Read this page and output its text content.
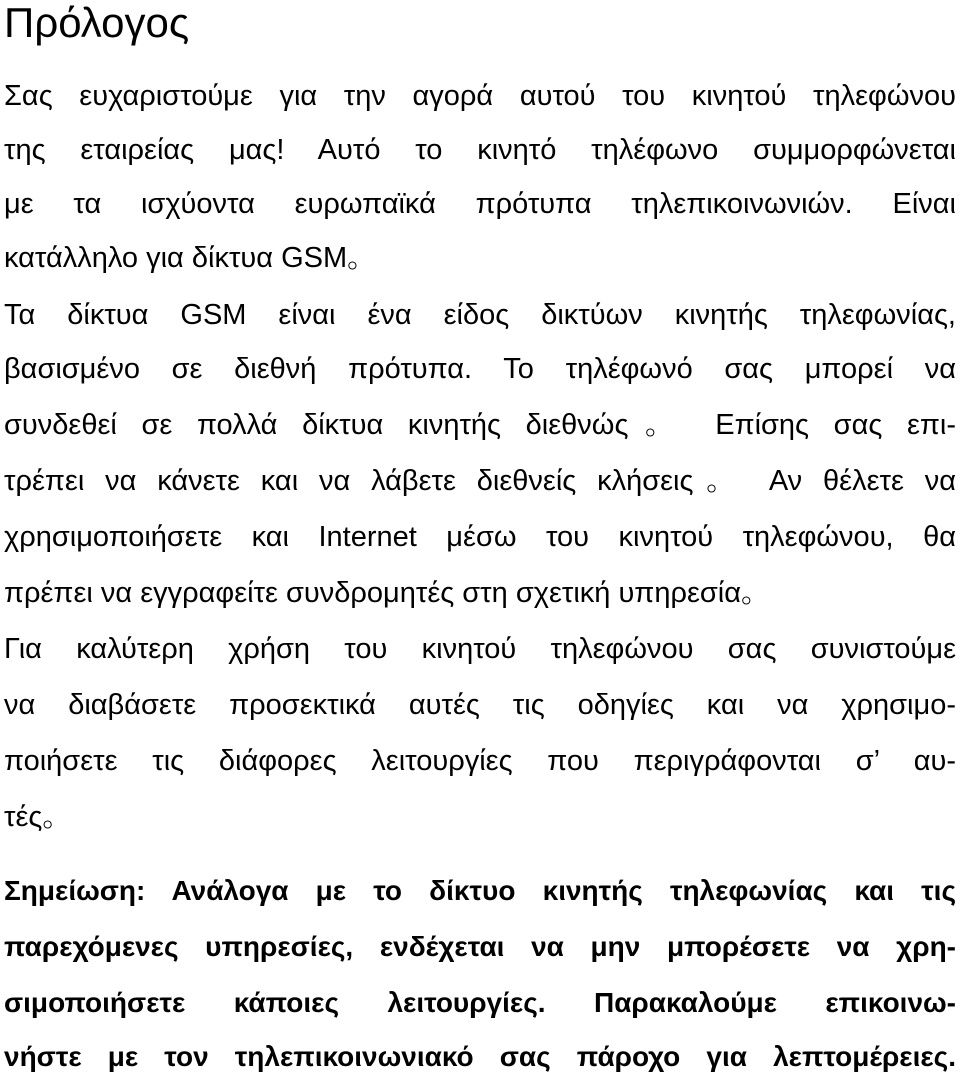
Πρόλογος

Σας ευχαριστούμε για την αγορά αυτού του κινητού τηλεφώνου

της εταιρείας μας! Αυτό το κινητό τηλέφωνο συμμορφώνεται

με τα ισχύοντα ευρωπαϊκά πρότυπα τηλεπικοινωνιών. Είναι

κατάλληλο για δίκτυα GSM。

Τα δίκτυα GSM είναι ένα είδος δικτύων κινητής τηλεφωνίας,

βασισμένο σε διεθνή πρότυπα. Το τηλέφωνό σας μπορεί να

συνδεθεί σε πολλά δίκτυα κινητής διεθνώς。 Επίσης σας επι-

τρέπει να κάνετε και να λάβετε διεθνείς κλήσεις。 Αν θέλετε να

χρησιμοποιήσετε και Internet μέσω του κινητού τηλεφώνου, θα

πρέπει να εγγραφείτε συνδρομητές στη σχετική υπηρεσία。

Για καλύτερη χρήση του κινητού τηλεφώνου σας συνιστούμε

να διαβάσετε προσεκτικά αυτές τις οδηγίες και να χρησιμο-

ποιήσετε τις διάφορες λειτουργίες που περιγράφονται σ’ αυ-

τές。

Σημείωση: Ανάλογα με το δίκτυο κινητής τηλεφωνίας και τις

παρεχόμενες υπηρεσίες, ενδέχεται να μην μπορέσετε να χρη-

σιμοποιήσετε κάποιες λειτουργίες. Παρακαλούμε επικοινω-

νήστε με τον τηλεπικοινωνιακό σας πάροχο για λεπτομέρειες.
